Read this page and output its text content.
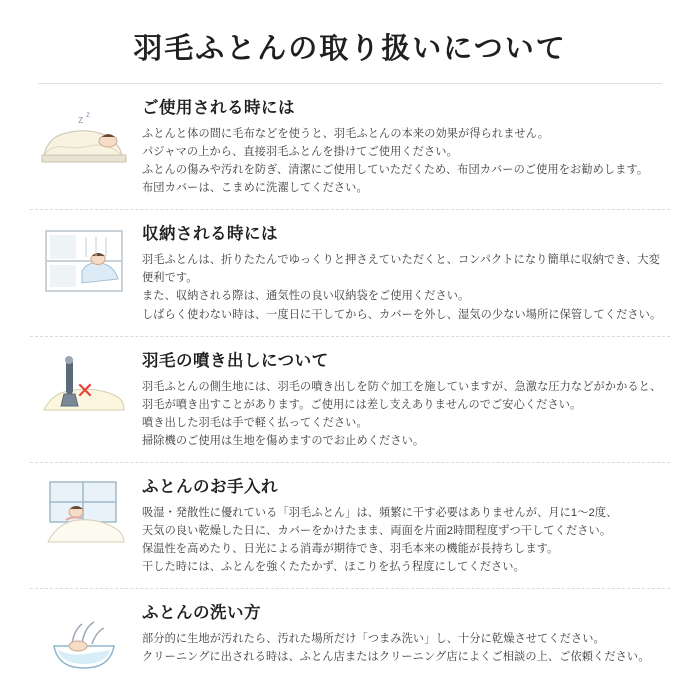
羽毛ふとんの取り扱いについて
z z	ご使用される時には

ふとんと体の間に毛布などを使うと、羽毛ふとんの本来の効果が得られません。

パジャマの上から、直接羽毛ふとんを掛けてご使用ください。

ふとんの傷みや汚れを防ぎ、清潔にご使用していただくため、布団カバーのご使用をお勧めします。

布団カバーは、こまめに洗濯してください。

収納される時には

羽毛ふとんは、折りたたんでゆっくりと押さえていただくと、コンパクトになり簡単に収納でき、大変便利です。

また、収納される際は、通気性の良い収納袋をご使用ください。

しばらく使わない時は、一度日に干してから、カバーを外し、湿気の少ない場所に保管してください。

✕
羽毛の噴き出しについて

羽毛ふとんの側生地には、羽毛の噴き出しを防ぐ加工を施していますが、急激な圧力などがかかると、

羽毛が噴き出すことがあります。ご使用には差し支えありませんのでご安心ください。

噴き出した羽毛は手で軽く払ってください。

掃除機のご使用は生地を傷めますのでお止めください。

ふとんのお手入れ

吸湿・発散性に優れている「羽毛ふとん」は、頻繁に干す必要はありませんが、月に1〜2度、

天気の良い乾燥した日に、カバーをかけたまま、両面を片面2時間程度ずつ干してください。

保温性を高めたり、日光による消毒が期待でき、羽毛本来の機能が長持ちします。

干した時には、ふとんを強くたたかず、ほこりを払う程度にしてください。

ふとんの洗い方

部分的に生地が汚れたら、汚れた場所だけ「つまみ洗い」し、十分に乾燥させてください。

クリーニングに出される時は、ふとん店またはクリーニング店によくご相談の上、ご依頼ください。
